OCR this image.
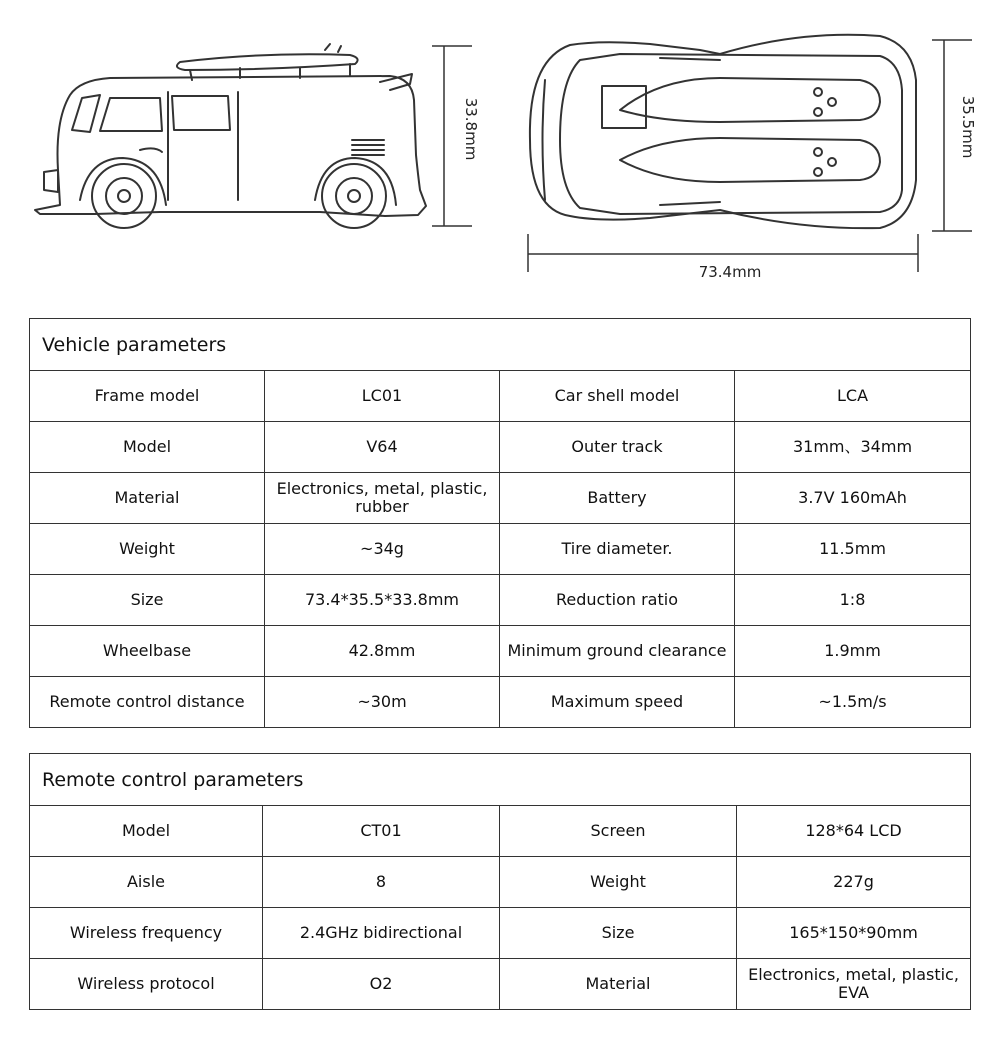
33.8mm	35.5mm
73.4mm
Vehicle parameters			
Frame model	LC01	Car shell model	LCA
Model	V64	Outer track	31mm、34mm
Material	Electronics, metal, plastic, rubber	Battery	3.7V 160mAh
Weight	~34g	Tire diameter.	11.5mm
Size	73.4*35.5*33.8mm	Reduction ratio	1:8
Wheelbase	42.8mm	Minimum ground clearance	1.9mm
Remote control distance	~30m	Maximum speed	~1.5m/s
Remote control parameters			
Model	CT01	Screen	128*64 LCD
Aisle	8	Weight	227g
Wireless frequency	2.4GHz bidirectional	Size	165*150*90mm
Wireless protocol	O2	Material	Electronics, metal, plastic, EVA
